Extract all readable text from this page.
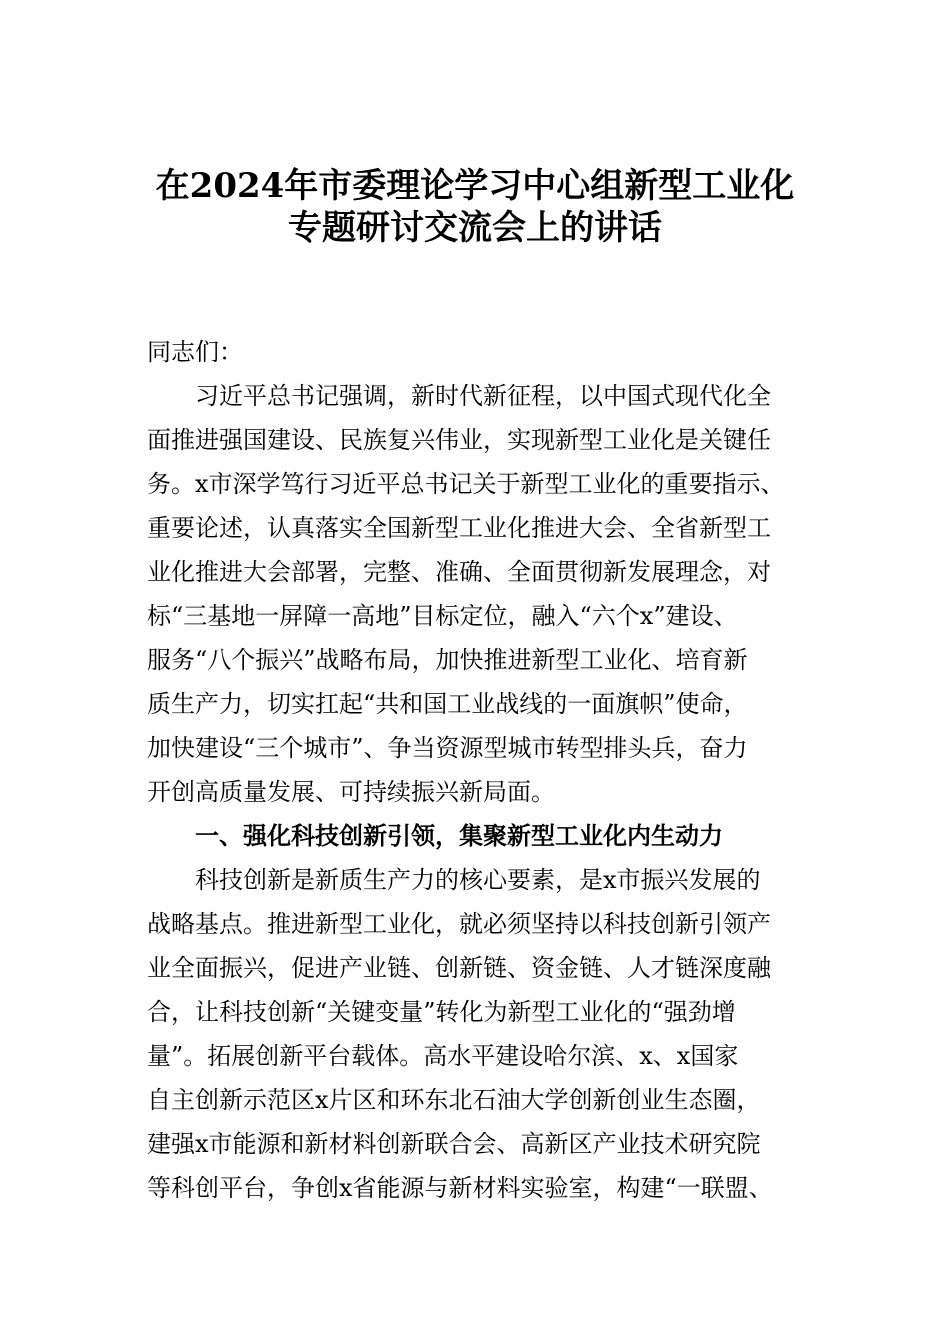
在2024年市委理论学习中心组新型工业化
专题研讨交流会上的讲话
同志们：
习近平总书记强调，新时代新征程，以中国式现代化全
面推进强国建设、民族复兴伟业，实现新型工业化是关键任
务。x市深学笃行习近平总书记关于新型工业化的重要指示、
重要论述，认真落实全国新型工业化推进大会、全省新型工
业化推进大会部署，完整、准确、全面贯彻新发展理念，对
标“三基地一屏障一高地”目标定位，融入“六个x”建设、
服务“八个振兴”战略布局，加快推进新型工业化、培育新
质生产力，切实扛起“共和国工业战线的一面旗帜”使命，
加快建设“三个城市”、争当资源型城市转型排头兵，奋力
开创高质量发展、可持续振兴新局面。
一、强化科技创新引领，集聚新型工业化内生动力
科技创新是新质生产力的核心要素，是x市振兴发展的
战略基点。推进新型工业化，就必须坚持以科技创新引领产
业全面振兴，促进产业链、创新链、资金链、人才链深度融
合，让科技创新“关键变量”转化为新型工业化的“强劲增
量”。拓展创新平台载体。高水平建设哈尔滨、x、x国家
自主创新示范区x片区和环东北石油大学创新创业生态圈，
建强x市能源和新材料创新联合会、高新区产业技术研究院
等科创平台，争创x省能源与新材料实验室，构建“一联盟、
